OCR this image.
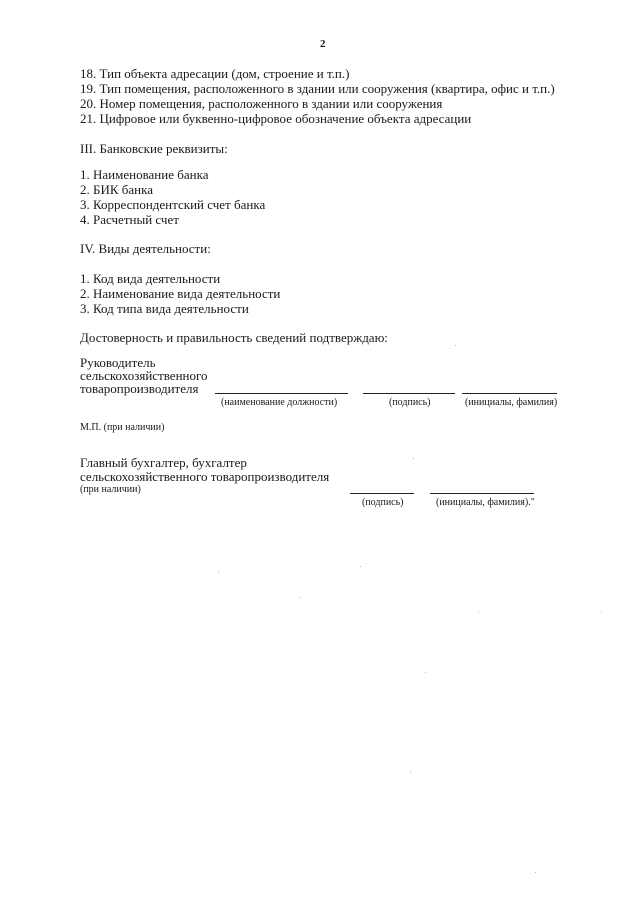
2
18. Тип объекта адресации (дом, строение и т.п.)
19. Тип помещения, расположенного в здании или сооружения (квартира, офис и т.п.)
20. Номер помещения, расположенного в здании или сооружения
21. Цифровое или буквенно-цифровое обозначение объекта адресации
III. Банковские реквизиты:
1. Наименование банка
2. БИК банка
3. Корреспондентский счет банка
4. Расчетный счет
IV. Виды деятельности:
1. Код вида деятельности
2. Наименование вида деятельности
3. Код типа вида деятельности
Достоверность и правильность сведений подтверждаю:
Руководитель
сельскохозяйственного
товаропроизводителя
(наименование должности)	(подпись)	(инициалы, фамилия)
М.П. (при наличии)
Главный бухгалтер, бухгалтер
сельскохозяйственного товаропроизводителя
(при наличии)
(подпись)	(инициалы, фамилия)."
